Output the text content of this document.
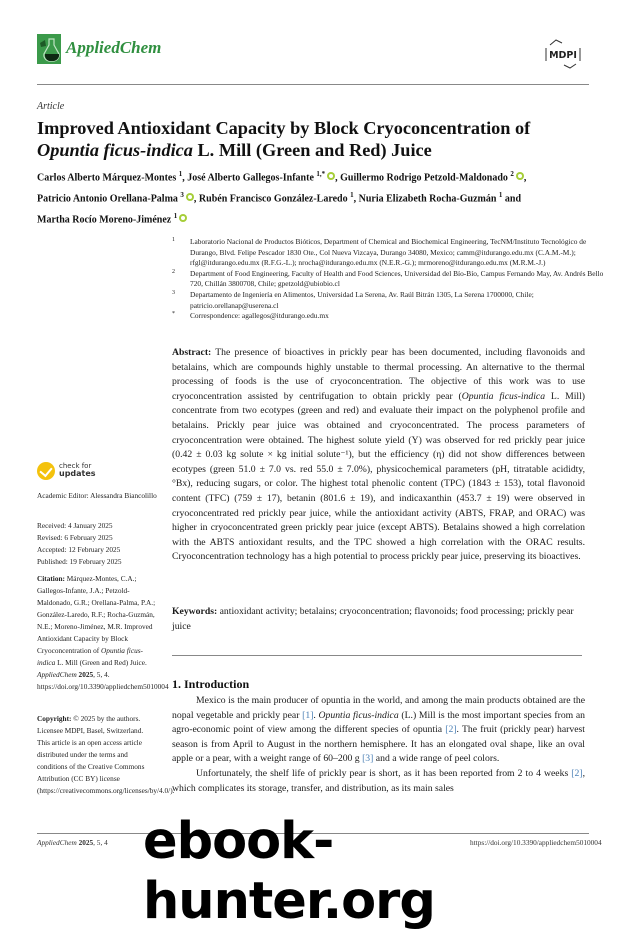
AppliedChem	MDPI
Article
Improved Antioxidant Capacity by Block Cryoconcentration of
Opuntia ficus-indica L. Mill (Green and Red) Juice
Carlos Alberto Márquez-Montes $^1$, José Alberto Gallegos-Infante $^{1,*}$ , Guillermo Rodrigo Petzold-Maldonado $^2$ ,
Patricio Antonio Orellana-Palma $^3$ , Rubén Francisco González-Laredo $^1$, Nuria Elizabeth Rocha-Guzmán $^1$ and
Martha Rocío Moreno-Jiménez $^1$
1 Laboratorio Nacional de Productos Bióticos, Department of Chemical and Biochemical Engineering, TecNM/Instituto Tecnológico de Durango, Blvd. Felipe Pescador 1830 Ote., Col Nueva Vizcaya, Durango 34080, Mexico; camm@itdurango.edu.mx (C.A.M.-M.); rfgl@itdurango.edu.mx (R.F.G.-L.); nrocha@itdurango.edu.mx (N.E.R.-G.); mrmoreno@itdurango.edu.mx (M.R.M.-J.)
2 Department of Food Engineering, Faculty of Health and Food Sciences, Universidad del Bío-Bío, Campus Fernando May, Av. Andrés Bello 720, Chillán 3800708, Chile; gpetzold@ubiobio.cl
3 Departamento de Ingeniería en Alimentos, Universidad La Serena, Av. Raúl Bitrán 1305, La Serena 1700000, Chile; patricio.orellanap@userena.cl
* Correspondence: agallegos@itdurango.edu.mx
Abstract: The presence of bioactives in prickly pear has been documented, including flavonoids and betalains, which are compounds highly unstable to thermal processing. An alternative to the thermal processing of foods is the use of cryoconcentration. The objective of this work was to use cryoconcentration assisted by centrifugation to obtain prickly pear (Opuntia ficus-indica L. Mill) concentrate from two ecotypes (green and red) and evaluate their impact on the polyphenol profile and betalains. Prickly pear juice was obtained and cryoconcentrated. The process parameters of cryoconcentration were obtained. The highest solute yield (Y) was observed for red prickly pear juice (0.42 ± 0.03 kg solute × kg initial solute⁻¹), but the efficiency (η) did not show differences between ecotypes (green 51.0 ± 7.0 vs. red 55.0 ± 7.0%), physicochemical parameters (pH, titratable acididty, °Bx), reducing sugars, or color. The highest total phenolic content (TPC) (1843 ± 153), total flavonoid content (TFC) (759 ± 17), betanin (801.6 ± 19), and indicaxanthin (453.7 ± 19) were observed in cryoconcentrated red prickly pear juice, while the antioxidant activity (ABTS, FRAP, and ORAC) was higher in cryoconcentrated green prickly pear juice (except ABTS). Betalains showed a high correlation with the ABTS antioxidant results, and the TPC showed a high correlation with the ORAC results. Cryoconcentration technology has a high potential to process prickly pear juice, preserving its bioactives.
Keywords: antioxidant activity; betalains; cryoconcentration; flavonoids; food processing; prickly pear juice
1. Introduction

Mexico is the main producer of opuntia in the world, and among the main products obtained are the nopal vegetable and prickly pear [1]. Opuntia ficus-indica (L.) Mill is the most important species from an agro-economic point of view among the different species of opuntia [2]. The fruit (prickly pear) harvest season is from April to August in the northern hemisphere. It has an elongated oval shape, like an oval apple or a pear, with a weight range of 60–200 g [3] and a wide range of peel colors.

Unfortunately, the shelf life of prickly pear is short, as it has been reported from 2 to 4 weeks [2], which complicates its storage, transfer, and distribution, as its main sales

check for
updates
Academic Editor: Alessandra Biancolillo
Received: 4 January 2025
Revised: 6 February 2025
Accepted: 12 February 2025
Published: 19 February 2025
Citation: Márquez-Montes, C.A.; Gallegos-Infante, J.A.; Petzold-Maldonado, G.R.; Orellana-Palma, P.A.; González-Laredo, R.F.; Rocha-Guzmán, N.E.; Moreno-Jiménez, M.R. Improved Antioxidant Capacity by Block Cryoconcentration of Opuntia ficus-indica L. Mill (Green and Red) Juice. AppliedChem 2025, 5, 4. https://doi.org/10.3390/appliedchem5010004
Copyright: © 2025 by the authors. Licensee MDPI, Basel, Switzerland. This article is an open access article distributed under the terms and conditions of the Creative Commons Attribution (CC BY) license (https://creativecommons.org/licenses/by/4.0/).
AppliedChem 2025, 5, 4	https://doi.org/10.3390/appliedchem5010004
ebook-hunter.org
